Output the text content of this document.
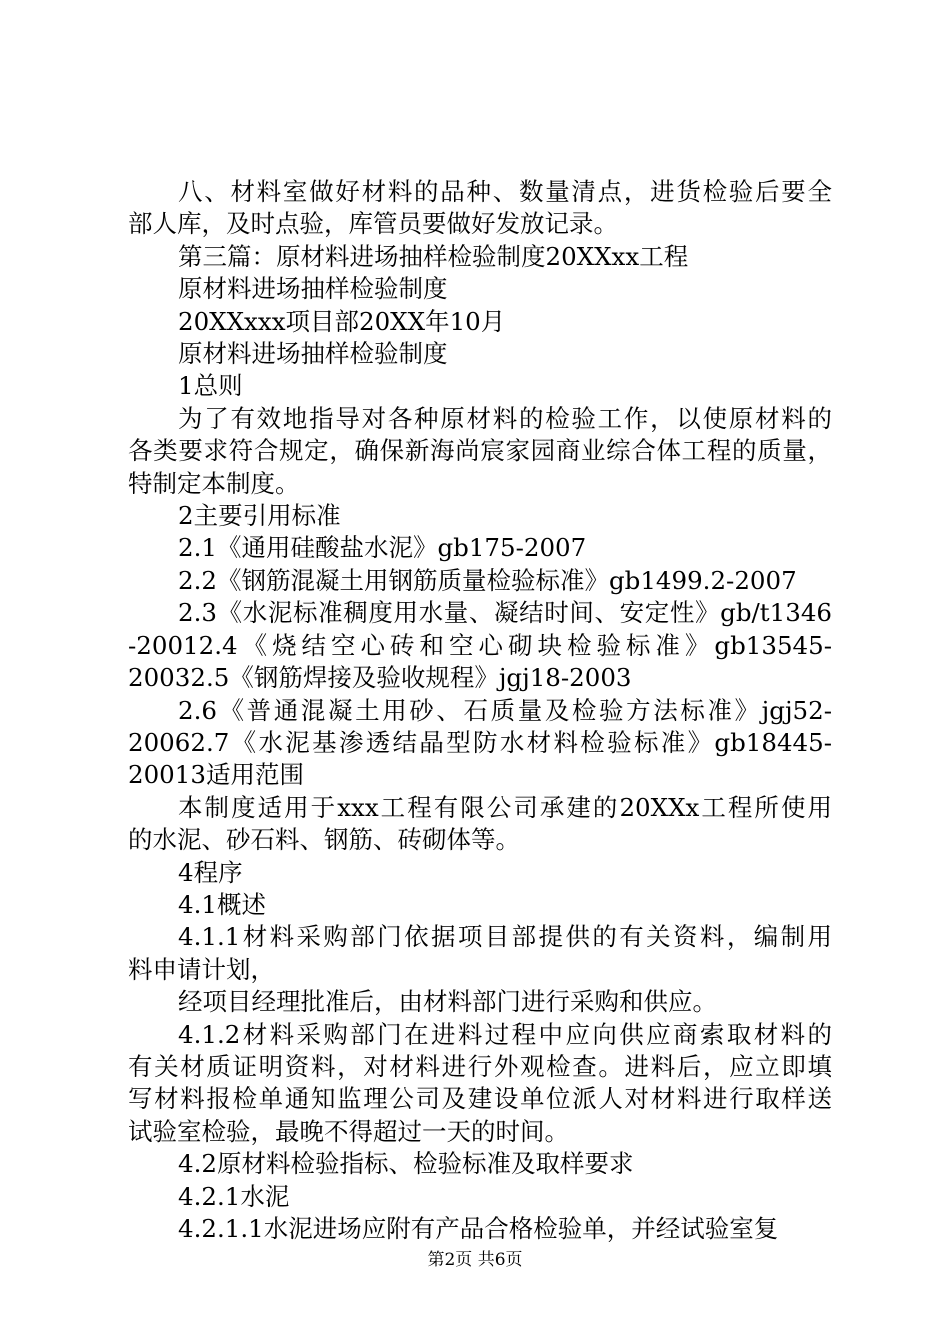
八、材料室做好材料的品种、数量清点，进货检验后要全
部人库，及时点验，库管员要做好发放记录。
第三篇：原材料进场抽样检验制度20XXxx工程
原材料进场抽样检验制度
20XXxxx项目部20XX年10月
原材料进场抽样检验制度
1总则
为了有效地指导对各种原材料的检验工作，以使原材料的
各类要求符合规定，确保新海尚宸家园商业综合体工程的质量，
特制定本制度。
2主要引用标准
2.1《通用硅酸盐水泥》gb175-2007
2.2《钢筋混凝土用钢筋质量检验标准》gb1499.2-2007
2.3《水泥标准稠度用水量、凝结时间、安定性》gb/t1346
-20012.4《烧结空心砖和空心砌块检验标准》gb13545-
20032.5《钢筋焊接及验收规程》jgj18-2003
2.6《普通混凝土用砂、石质量及检验方法标准》jgj52-
20062.7《水泥基渗透结晶型防水材料检验标准》gb18445-
20013适用范围
本制度适用于xxx工程有限公司承建的20XXx工程所使用
的水泥、砂石料、钢筋、砖砌体等。
4程序
4.1概述
4.1.1材料采购部门依据项目部提供的有关资料，编制用
料申请计划，
经项目经理批准后，由材料部门进行采购和供应。
4.1.2材料采购部门在进料过程中应向供应商索取材料的
有关材质证明资料，对材料进行外观检查。进料后，应立即填
写材料报检单通知监理公司及建设单位派人对材料进行取样送
试验室检验，最晚不得超过一天的时间。
4.2原材料检验指标、检验标准及取样要求
4.2.1水泥
4.2.1.1水泥进场应附有产品合格检验单，并经试验室复
第2页 共6页
